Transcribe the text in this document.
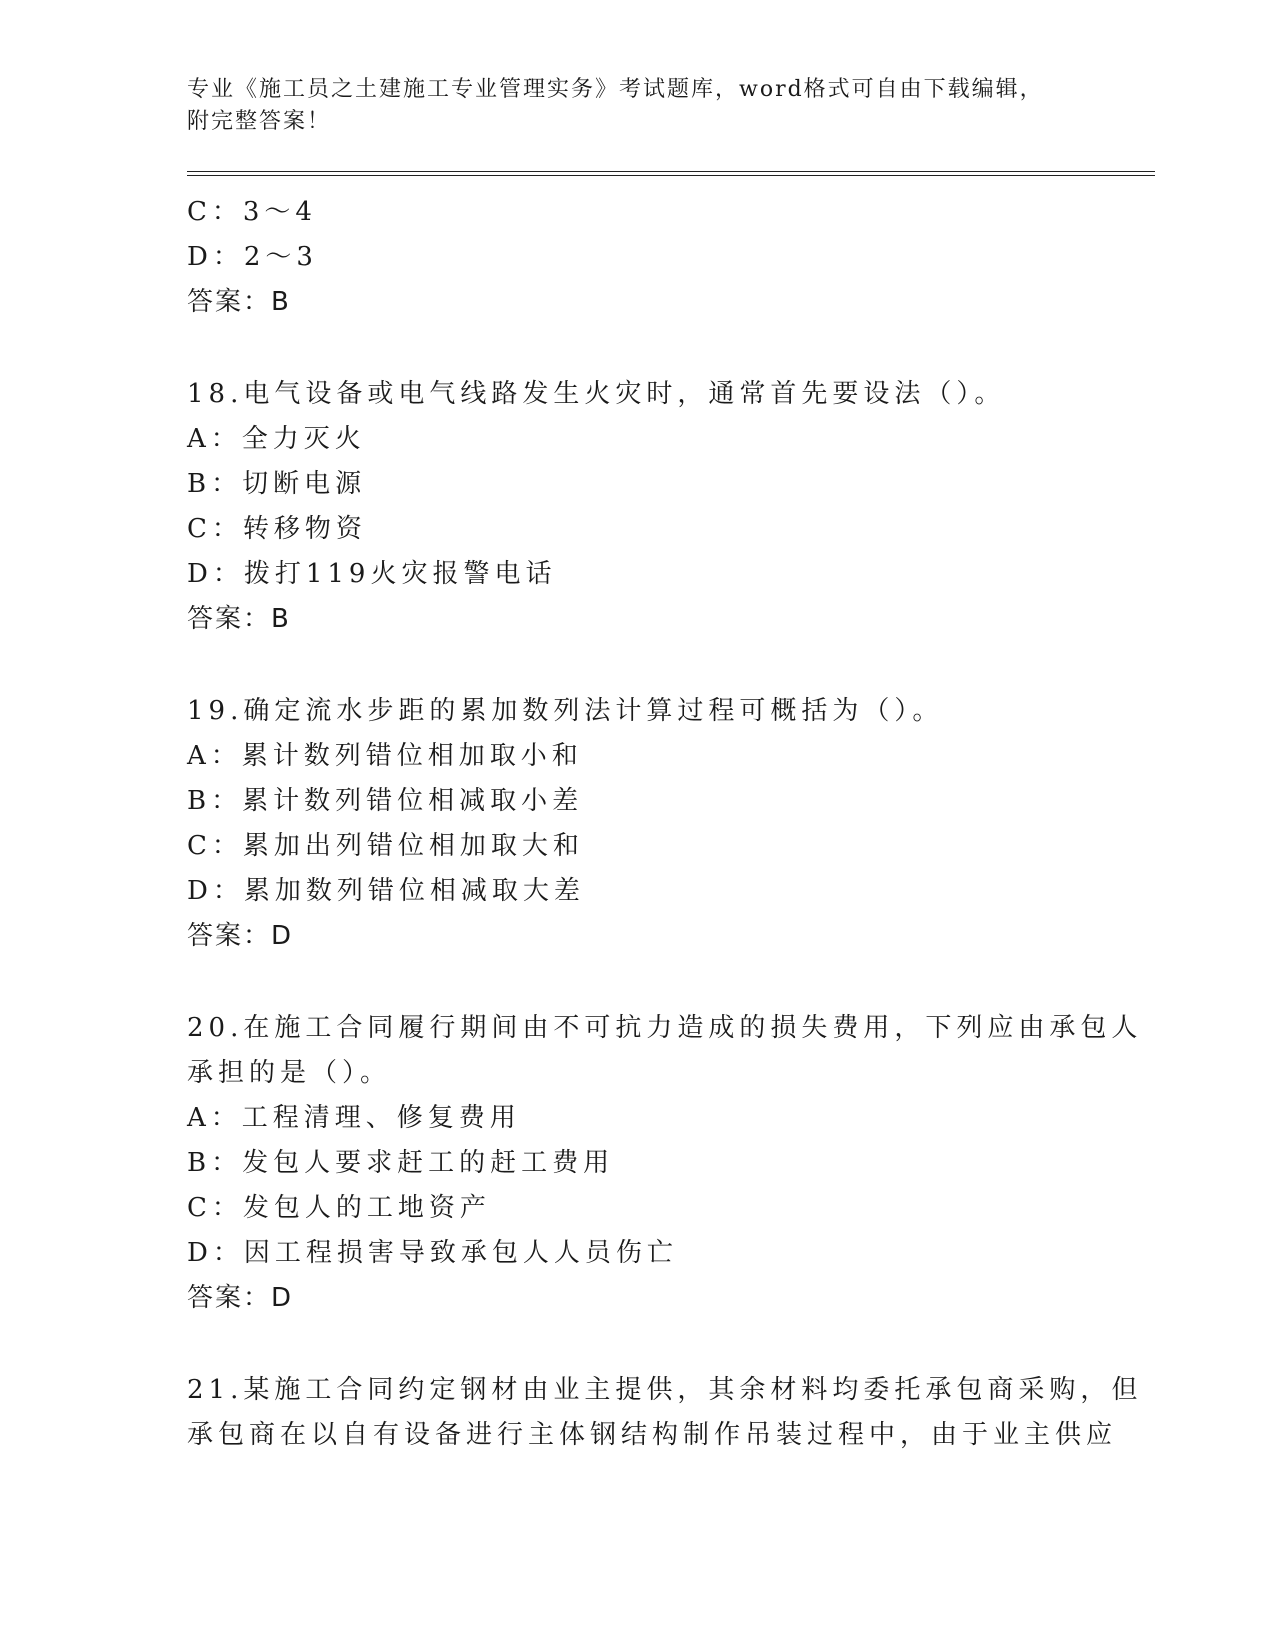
专业《施工员之土建施工专业管理实务》考试题库，word格式可自由下载编辑，
附完整答案！
C：3～4
D：2～3
答案：B
18.电气设备或电气线路发生火灾时，通常首先要设法（）。
A：全力灭火
B：切断电源
C：转移物资
D：拨打119火灾报警电话
答案：B
19.确定流水步距的累加数列法计算过程可概括为（）。
A：累计数列错位相加取小和
B：累计数列错位相减取小差
C：累加出列错位相加取大和
D：累加数列错位相减取大差
答案：D
20.在施工合同履行期间由不可抗力造成的损失费用，下列应由承包人
承担的是（）。
A：工程清理、修复费用
B：发包人要求赶工的赶工费用
C：发包人的工地资产
D：因工程损害导致承包人人员伤亡
答案：D
21.某施工合同约定钢材由业主提供，其余材料均委托承包商采购，但
承包商在以自有设备进行主体钢结构制作吊装过程中，由于业主供应
